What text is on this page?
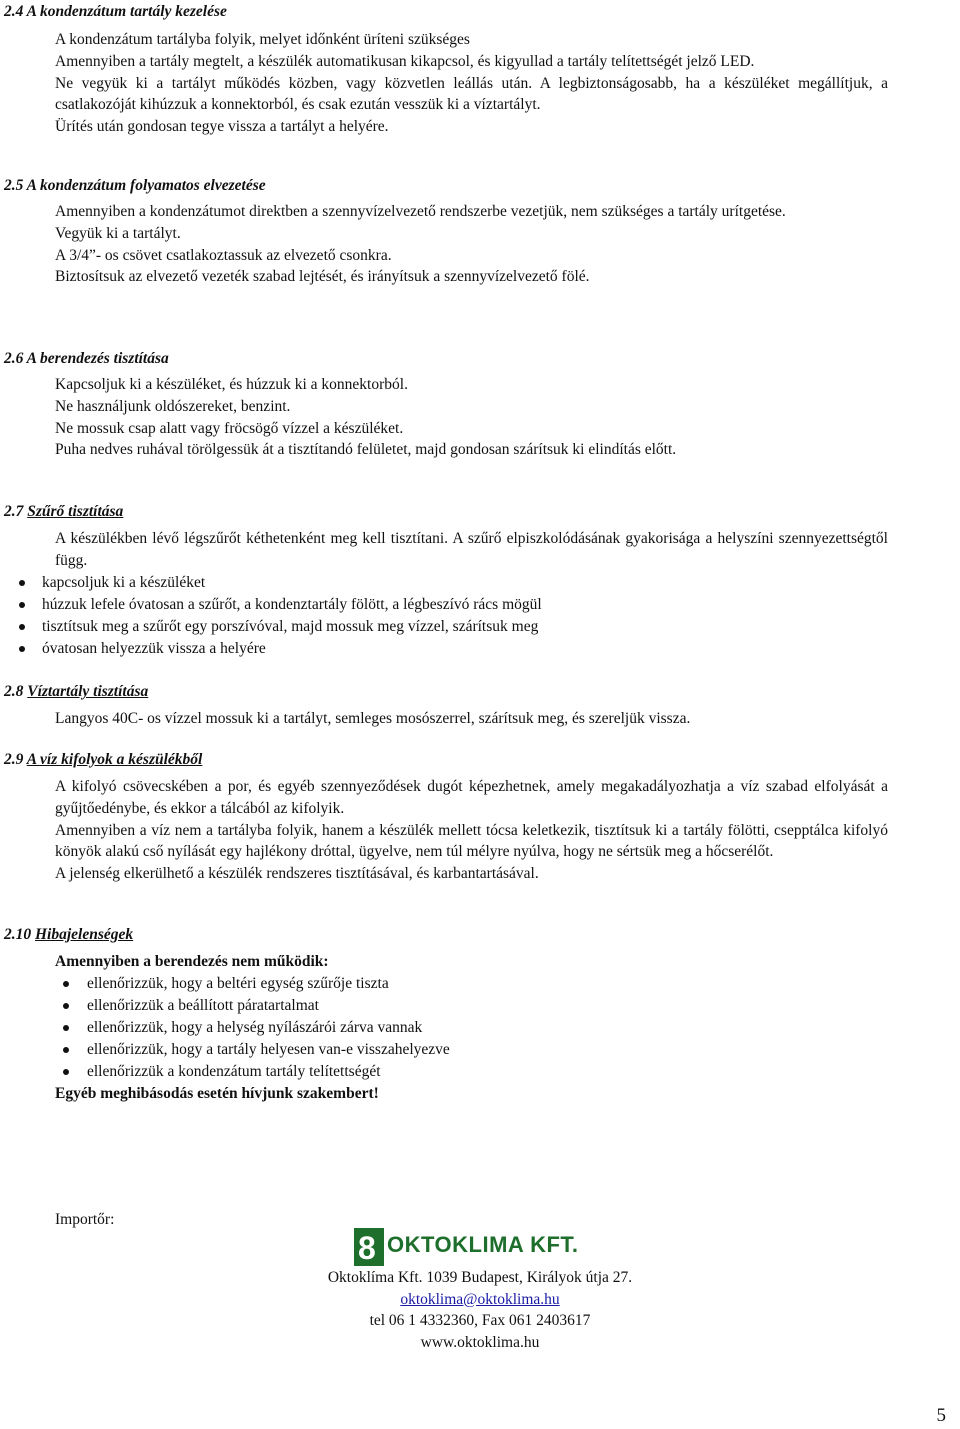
2.4 A kondenzátum tartály kezelése

A kondenzátum tartályba folyik, melyet időnként üríteni szükséges

Amennyiben a tartály megtelt, a készülék automatikusan kikapcsol, és kigyullad a tartály telítettségét jelző LED.

Ne vegyük ki a tartályt működés közben, vagy közvetlen leállás után. A legbiztonságosabb, ha a készüléket megállítjuk, a csatlakozóját kihúzzuk a konnektorból, és csak ezután vesszük ki a víztartályt.

Ürítés után gondosan tegye vissza a tartályt a helyére.

2.5 A kondenzátum folyamatos elvezetése

Amennyiben a kondenzátumot direktben a szennyvízelvezető rendszerbe vezetjük, nem szükséges a tartály urítgetése.

Vegyük ki a tartályt.

A 3/4”- os csövet csatlakoztassuk az elvezető csonkra.

Biztosítsuk az elvezető vezeték szabad lejtését, és irányítsuk a szennyvízelvezető fölé.

2.6 A berendezés tisztítása

Kapcsoljuk ki a készüléket, és húzzuk ki a konnektorból.

Ne használjunk oldószereket, benzint.

Ne mossuk csap alatt vagy fröcsögő vízzel a készüléket.

Puha nedves ruhával törölgessük át a tisztítandó felületet, majd gondosan szárítsuk ki elindítás előtt.

2.7 Szűrő tisztítása

A készülékben lévő légszűrőt kéthetenként meg kell tisztítani. A szűrő elpiszkolódásának gyakorisága a helyszíni szennyezettségtől függ.

kapcsoljuk ki a készüléket
húzzuk lefele óvatosan a szűrőt, a kondenztartály fölött, a légbeszívó rács mögül
tisztítsuk meg a szűrőt egy porszívóval, majd mossuk meg vízzel, szárítsuk meg
óvatosan helyezzük vissza a helyére
2.8 Víztartály tisztítása

Langyos 40C- os vízzel mossuk ki a tartályt, semleges mosószerrel, szárítsuk meg, és szereljük vissza.

2.9 A víz kifolyok a készülékből

A kifolyó csövecskében a por, és egyéb szennyeződések dugót képezhetnek, amely megakadályozhatja a víz szabad elfolyását a gyűjtőedénybe, és ekkor a tálcából az kifolyik.

Amennyiben a víz nem a tartályba folyik, hanem a készülék mellett tócsa keletkezik, tisztítsuk ki a tartály fölötti, csepptálca kifolyó könyök alakú cső nyílását egy hajlékony dróttal, ügyelve, nem túl mélyre nyúlva, hogy ne sértsük meg a hőcserélőt.

A jelenség elkerülhető a készülék rendszeres tisztításával, és karbantartásával.

2.10 Hibajelenségek

Amennyiben a berendezés nem működik:

ellenőrizzük, hogy a beltéri egység szűrője tiszta
ellenőrizzük a beállított páratartalmat
ellenőrizzük, hogy a helység nyílászárói zárva vannak
ellenőrizzük, hogy a tartály helyesen van-e visszahelyezve
ellenőrizzük a kondenzátum tartály telítettségét

Egyéb meghibásodás esetén hívjunk szakembert!

Importőr:
8 OKTOKLIMA KFT.

Oktoklíma Kft. 1039 Budapest, Királyok útja 27.

oktoklima@oktoklima.hu

tel 06 1 4332360, Fax 061 2403617

www.oktoklima.hu

5
